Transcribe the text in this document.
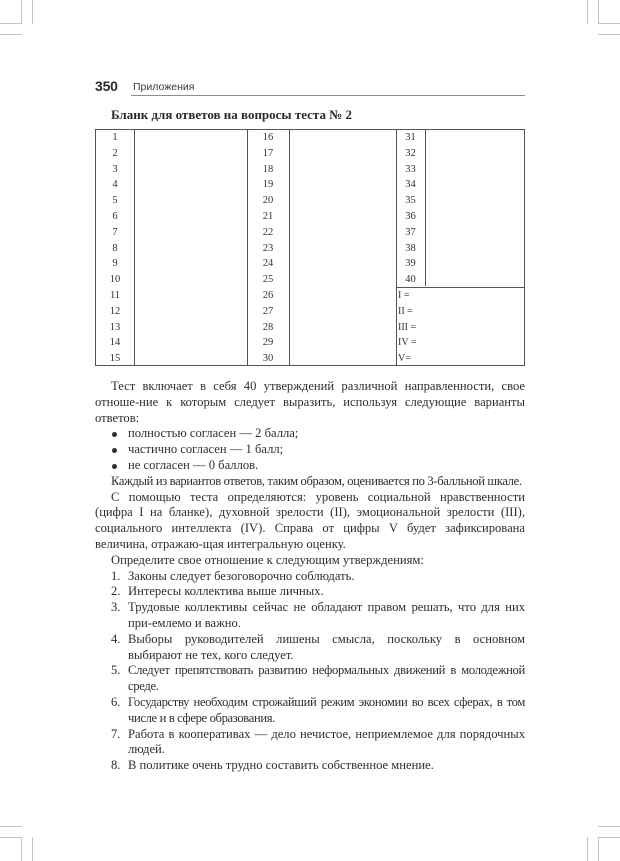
350 Приложения
Бланк для ответов на вопросы теста № 2
1
2
3
4
5
6
7
8
9
10
11
12
13
14
15
16
17
18
19
20
21
22
23
24
25
26
27
28
29
30
31
32
33
34
35
36
37
38
39
40
I =
II =
III =
IV =
V=

Тест включает в себя 40 утверждений различной направленности, свое отноше-ние к которым следует выразить, используя следующие варианты ответов:

полностью согласен — 2 балла;
частично согласен — 1 балл;
не согласен — 0 баллов.

Каждый из вариантов ответов, таким образом, оценивается по 3-балльной шкале.

С помощью теста определяются: уровень социальной нравственности (цифра I на бланке), духовной зрелости (II), эмоциональной зрелости (III), социального интеллекта (IV). Справа от цифры V будет зафиксирована величина, отражаю-щая интегральную оценку.

Определите свое отношение к следующим утверждениям:

1. Законы следует безоговорочно соблюдать.
2. Интересы коллектива выше личных.
3. Трудовые коллективы сейчас не обладают правом решать, что для них при-емлемо и важно.
4. Выборы руководителей лишены смысла, поскольку в основном выбирают не тех, кого следует.
5. Следует препятствовать развитию неформальных движений в молодежной среде.
6. Государству необходим строжайший режим экономии во всех сферах, в том числе и в сфере образования.
7. Работа в кооперативах — дело нечистое, неприемлемое для порядочных людей.
8. В политике очень трудно составить собственное мнение.
